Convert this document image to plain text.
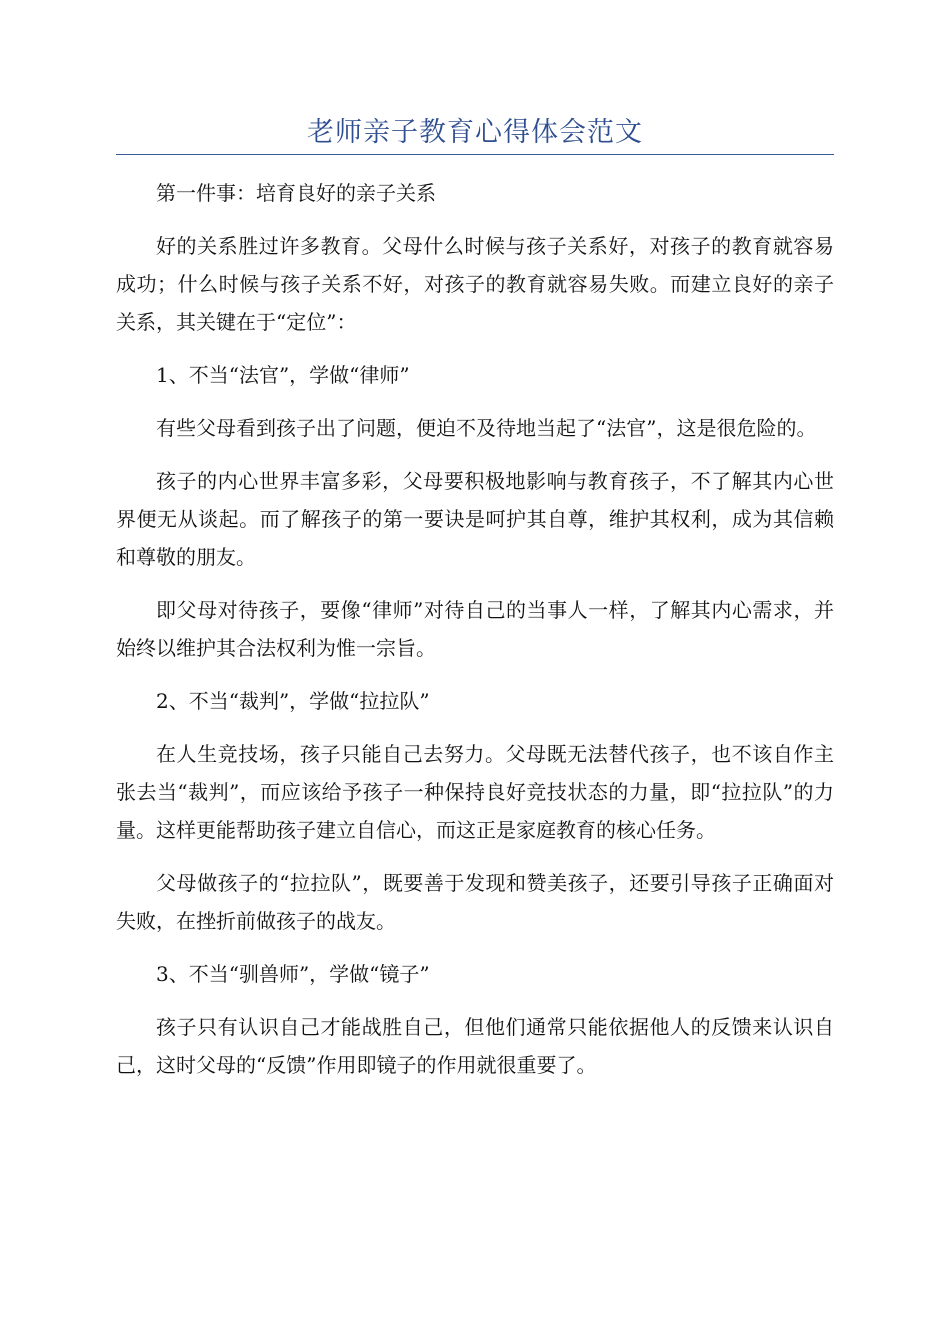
老师亲子教育心得体会范文

第一件事：培育良好的亲子关系

好的关系胜过许多教育。父母什么时候与孩子关系好，对孩子的教育就容易成功；什么时候与孩子关系不好，对孩子的教育就容易失败。而建立良好的亲子关系，其关键在于“定位”：

1、不当“法官”，学做“律师”

有些父母看到孩子出了问题，便迫不及待地当起了“法官”，这是很危险的。

孩子的内心世界丰富多彩，父母要积极地影响与教育孩子，不了解其内心世界便无从谈起。而了解孩子的第一要诀是呵护其自尊，维护其权利，成为其信赖和尊敬的朋友。

即父母对待孩子，要像“律师”对待自己的当事人一样，了解其内心需求，并始终以维护其合法权利为惟一宗旨。

2、不当“裁判”，学做“拉拉队”

在人生竞技场，孩子只能自己去努力。父母既无法替代孩子，也不该自作主张去当“裁判”，而应该给予孩子一种保持良好竞技状态的力量，即“拉拉队”的力量。这样更能帮助孩子建立自信心，而这正是家庭教育的核心任务。

父母做孩子的“拉拉队”，既要善于发现和赞美孩子，还要引导孩子正确面对失败，在挫折前做孩子的战友。

3、不当“驯兽师”，学做“镜子”

孩子只有认识自己才能战胜自己，但他们通常只能依据他人的反馈来认识自己，这时父母的“反馈”作用即镜子的作用就很重要了。
